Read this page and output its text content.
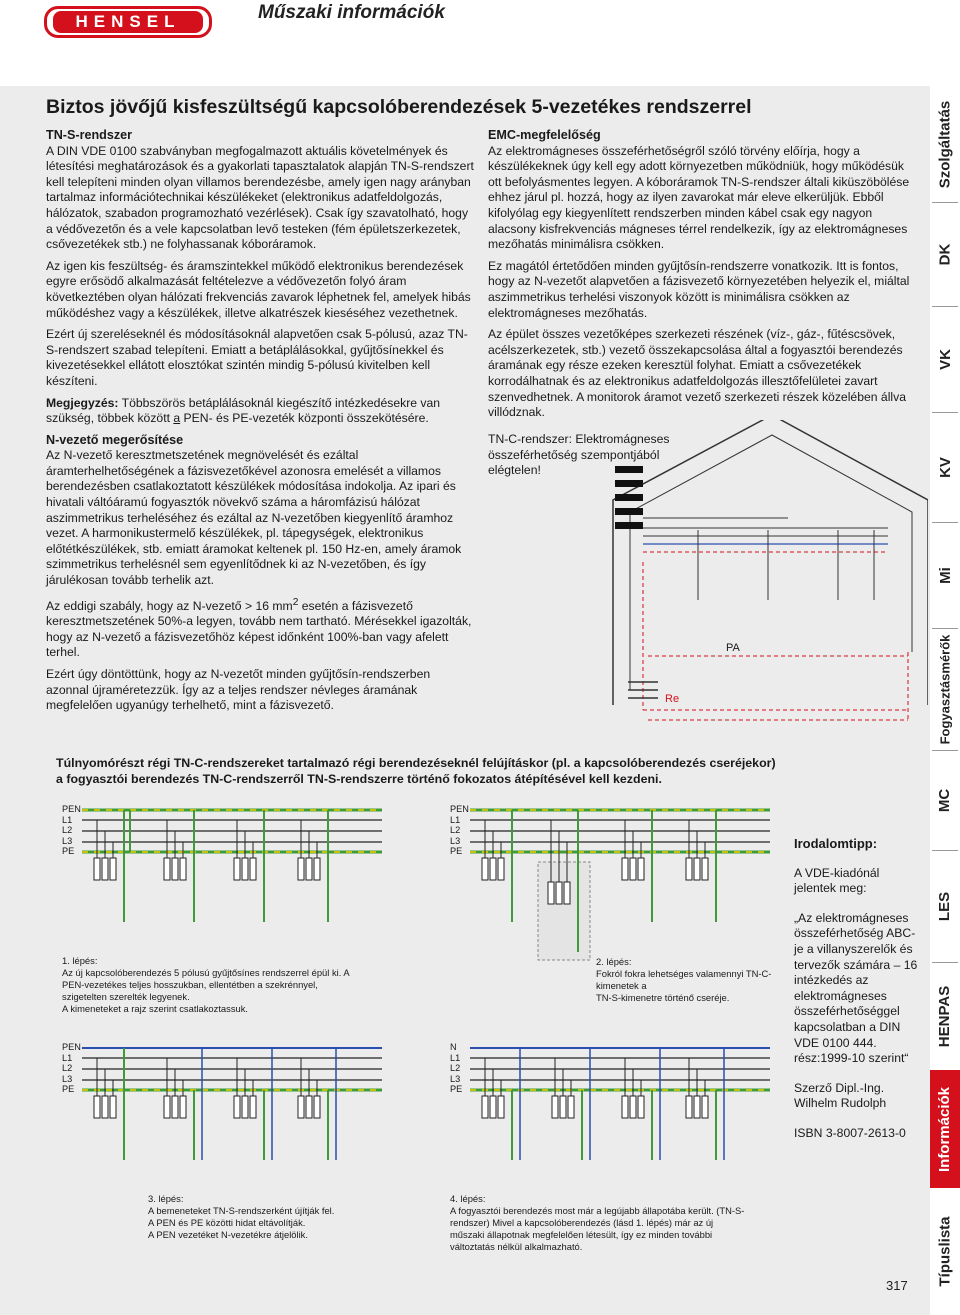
HENSEL	Műszaki információk
Biztos jövőjű kisfeszültségű kapcsolóberendezések 5-vezetékes rendszerrel
TN-S-rendszer

A DIN VDE 0100 szabványban megfogalmazott aktuális követelmények és létesítési meghatározások és a gyakorlati tapasztalatok alapján TN-S-rendszert kell telepíteni minden olyan villamos berendezésbe, amely igen nagy arányban tartalmaz információtechnikai készülékeket (elektronikus adatfeldolgozás, hálózatok, szabadon programozható vezérlések). Csak így szavatolható, hogy a védővezetőn és a vele kapcsolatban levő testeken (fém épületszerkezetek, csővezetékek stb.) ne folyhassanak kóboráramok.

Az igen kis feszültség- és áramszintekkel működő elektronikus berendezések egyre erősödő alkalmazását feltételezve a védővezetőn folyó áram következtében olyan hálózati frekvenciás zavarok léphetnek fel, amelyek hibás működéshez vagy a készülékek, illetve alkatrészek kieséséhez vezethetnek.

Ezért új szereléseknél és módosításoknál alapvetően csak 5-pólusú, azaz TN-S-rendszert szabad telepíteni. Emiatt a betáplálásokkal, gyűjtősínekkel és kivezetésekkel ellátott elosztókat szintén mindig 5-pólusú kivitelben kell készíteni.

Megjegyzés: Többszörös betáplálásoknál kiegészítő intézkedésekre van szükség, többek között a PEN- és PE-vezeték központi összekötésére.

N-vezető megerősítése

Az N-vezető keresztmetszetének megnövelését és ezáltal áramterhelhetőségének a fázisvezetőkével azonosra emelését a villamos berendezésben csatlakoztatott készülékek módosítása indokolja. Az ipari és hivatali váltóáramú fogyasztók növekvő száma a háromfázisú hálózat aszimmetrikus terheléséhez és ezáltal az N-vezetőben kiegyenlítő áramhoz vezet. A harmonikustermelő készülékek, pl. tápegységek, elektronikus előtétkészülékek, stb. emiatt áramokat keltenek pl. 150 Hz-en, amely áramok szimmetrikus terhelésnél sem egyenlítődnek ki az N-vezetőben, és így járulékosan tovább terhelik azt.

Az eddigi szabály, hogy az N-vezető > 16 $mm^2$ esetén a fázisvezető keresztmetszetének 50%-a legyen, tovább nem tartható. Mérésekkel igazolták, hogy az N-vezető a fázisvezetőhöz képest időnként 100%-ban vagy afelett terhel.

Ezért úgy döntöttünk, hogy az N-vezetőt minden gyűjtősín-rendszerben azonnal újraméretezzük. Így az a teljes rendszer névleges áramának megfelelően ugyanúgy terhelhető, mint a fázisvezető.

EMC-megfelelőség

Az elektromágneses összeférhetőségről szóló törvény előírja, hogy a készülékeknek úgy kell egy adott környezetben működniük, hogy működésük ott befolyásmentes legyen. A kóboráramok TN-S-rendszer általi kiküszöbölése ehhez járul pl. hozzá, hogy az ilyen zavarokat már eleve elkerüljük. Ebből kifolyólag egy kiegyenlített rendszerben minden kábel csak egy nagyon alacsony kisfrekvenciás mágneses térrel rendelkezik, így az elektromágneses mezőhatás minimálisra csökken.

Ez magától értetődően minden gyűjtősín-rendszerre vonatkozik. Itt is fontos, hogy az N-vezetőt alapvetően a fázisvezető környezetében helyezik el, miáltal aszimmetrikus terhelési viszonyok között is minimálisra csökken az elektromágneses mezőhatás.

Az épület összes vezetőképes szerkezeti részének (víz-, gáz-, fűtéscsövek, acélszerkezetek, stb.) vezető összekapcsolása által a fogyasztói berendezés áramának egy része ezeken keresztül folyhat. Emiatt a csővezetékek korrodálhatnak és az elektronikus adatfeldolgozás illesztőfelületei zavart szenvedhetnek. A monitorok áramot vezető szerkezeti részek közelében állva villódznak.

TN-C-rendszer: Elektromágneses összeférhetőség szempontjából elégtelen!
PA
Re
Túlnyomórészt régi TN-C-rendszereket tartalmazó régi berendezéseknél felújításkor (pl. a kapcsolóberendezés cseréjekor) a fogyasztói berendezés TN-C-rendszerről TN-S-rendszerre történő fokozatos átépítésével kell kezdeni.
PEN
L1
L2
L3
PE
1. lépés:
Az új kapcsolóberendezés 5 pólusú gyűjtősínes rendszerrel épül ki. A PEN-vezetékes teljes hosszukban, ellentétben a szekrénnyel, szigetelten szerelték legyenek.
A kimeneteket a rajz szerint csatlakoztassuk.
PEN
L1
L2
L3
PE
2. lépés:
Fokról fokra lehetséges valamennyi TN-C-kimenetek a
TN-S-kimenetre történő cseréje.
PEN
L1
L2
L3
PE
3. lépés:
A bemeneteket TN-S-rendszerként újítják fel.
A PEN és PE közötti hidat eltávolítják.
A PEN vezetéket N-vezetékre átjelölik.
N
L1
L2
L3
PE
4. lépés:
A fogyasztói berendezés most már a legújabb állapotába került. (TN-S-rendszer) Mivel a kapcsolóberendezés (lásd 1. lépés) már az új műszaki állapotnak megfelelően létesült, így ez minden további változtatás nélkül alkalmazható.
Irodalomtipp:

A VDE-kiadónál jelentek meg:

„Az elektromágneses összeférhetőség ABC-je a villanyszerelők és tervezők számára – 16 intézkedés az elektromágneses összeférhetőséggel kapcsolatban a DIN VDE 0100 444. rész:1999-10 szerint“

Szerző Dipl.-Ing. Wilhelm Rudolph

ISBN 3-8007-2613-0

Szolgáltatás
DK
VK
KV
Mi
Fogyasztásmérők
MC
LES
HENPAS
Információk
Típuslista
317
